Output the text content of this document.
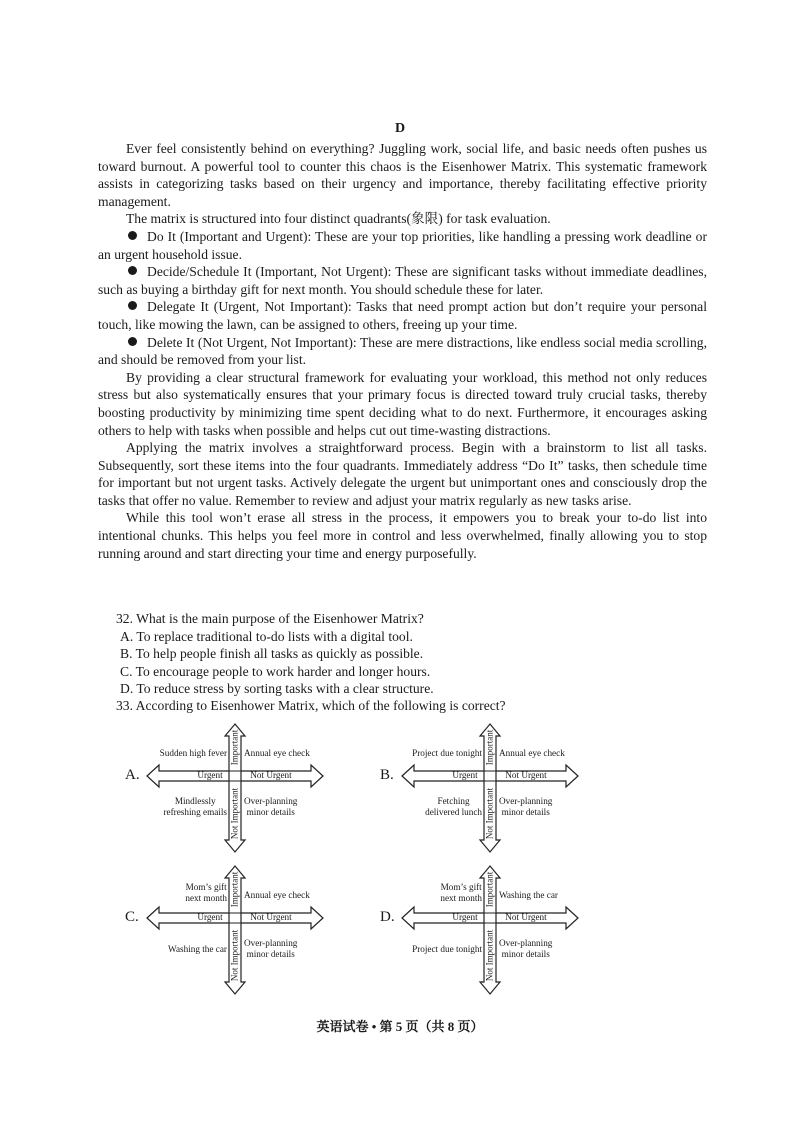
D

Ever feel consistently behind on everything? Juggling work, social life, and basic needs often pushes us toward burnout. A powerful tool to counter this chaos is the Eisenhower Matrix. This systematic framework assists in categorizing tasks based on their urgency and importance, thereby facilitating effective priority management.

The matrix is structured into four distinct quadrants(象限) for task evaluation.

Do It (Important and Urgent): These are your top priorities, like handling a pressing work deadline or an urgent household issue.

Decide/Schedule It (Important, Not Urgent): These are significant tasks without immediate deadlines, such as buying a birthday gift for next month. You should schedule these for later.

Delegate It (Urgent, Not Important): Tasks that need prompt action but don’t require your personal touch, like mowing the lawn, can be assigned to others, freeing up your time.

Delete It (Not Urgent, Not Important): These are mere distractions, like endless social media scrolling, and should be removed from your list.

By providing a clear structural framework for evaluating your workload, this method not only reduces stress but also systematically ensures that your primary focus is directed toward truly crucial tasks, thereby boosting productivity by minimizing time spent deciding what to do next. Furthermore, it encourages asking others to help with tasks when possible and helps cut out time-wasting distractions.

Applying the matrix involves a straightforward process. Begin with a brainstorm to list all tasks. Subsequently, sort these items into the four quadrants. Immediately address “Do It” tasks, then schedule time for important but not urgent tasks. Actively delegate the urgent but unimportant ones and consciously drop the tasks that offer no value. Remember to review and adjust your matrix regularly as new tasks arise.

While this tool won’t erase all stress in the process, it empowers you to break your to-do list into intentional chunks. This helps you feel more in control and less overwhelmed, finally allowing you to stop running around and start directing your time and energy purposefully.

32. What is the main purpose of the Eisenhower Matrix?

A. To replace traditional to-do lists with a digital tool.

B. To help people finish all tasks as quickly as possible.

C. To encourage people to work harder and longer hours.

D. To reduce stress by sorting tasks with a clear structure.

33. According to Eisenhower Matrix, which of the following is correct?

A.	Urgent	Not Urgent
Important
Not Important
Sudden high fever Annual eye check
Mindlessly
refreshing emails
Over-planning
minor details
B.	Urgent	Not Urgent
Important
Not Important
Project due tonight Annual eye check
Fetching
delivered lunch
Over-planning
minor details
C.	Urgent	Not Urgent
Important
Not Important
Mom’s gift
next month Annual eye check
Washing the car
Over-planning
minor details
D.	Urgent	Not Urgent
Important
Not Important
Mom’s gift
next month Washing the car
Project due tonight
Over-planning
minor details
英语试卷 • 第 5 页（共 8 页）
